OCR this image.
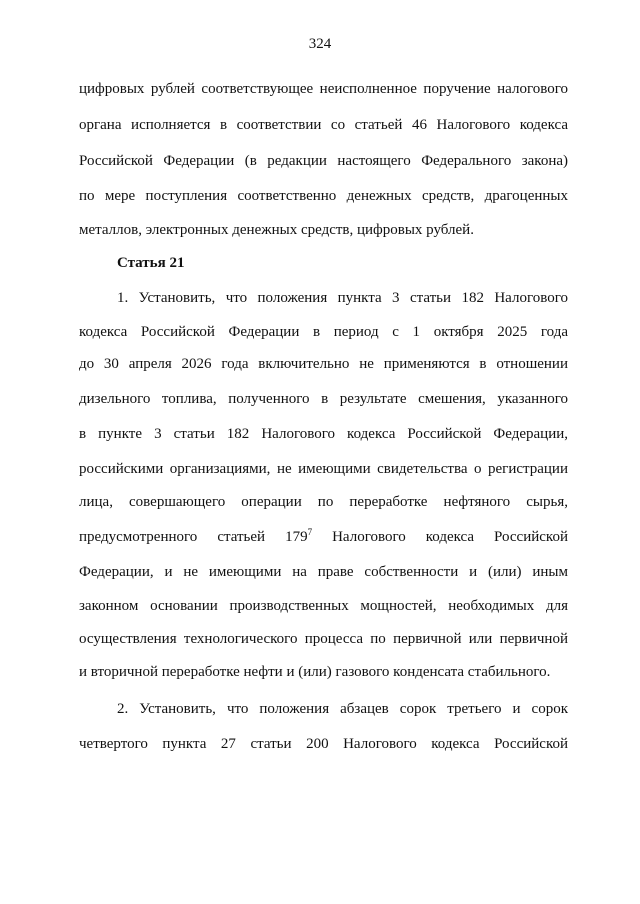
324
цифровых рублей соответствующее неисполненное поручение налогового
органа исполняется в соответствии со статьей 46 Налогового кодекса
Российской Федерации (в редакции настоящего Федерального закона)
по мере поступления соответственно денежных средств, драгоценных
металлов, электронных денежных средств, цифровых рублей.
Статья 21
1. Установить, что положения пункта 3 статьи 182 Налогового
кодекса Российской Федерации в период с 1 октября 2025 года
до 30 апреля 2026 года включительно не применяются в отношении
дизельного топлива, полученного в результате смешения, указанного
в пункте 3 статьи 182 Налогового кодекса Российской Федерации,
российскими организациями, не имеющими свидетельства о регистрации
лица, совершающего операции по переработке нефтяного сырья,
предусмотренного статьей $179^7$ Налогового кодекса Российской
Федерации, и не имеющими на праве собственности и (или) иным
законном основании производственных мощностей, необходимых для
осуществления технологического процесса по первичной или первичной
и вторичной переработке нефти и (или) газового конденсата стабильного.
2. Установить, что положения абзацев сорок третьего и сорок
четвертого пункта 27 статьи 200 Налогового кодекса Российской
